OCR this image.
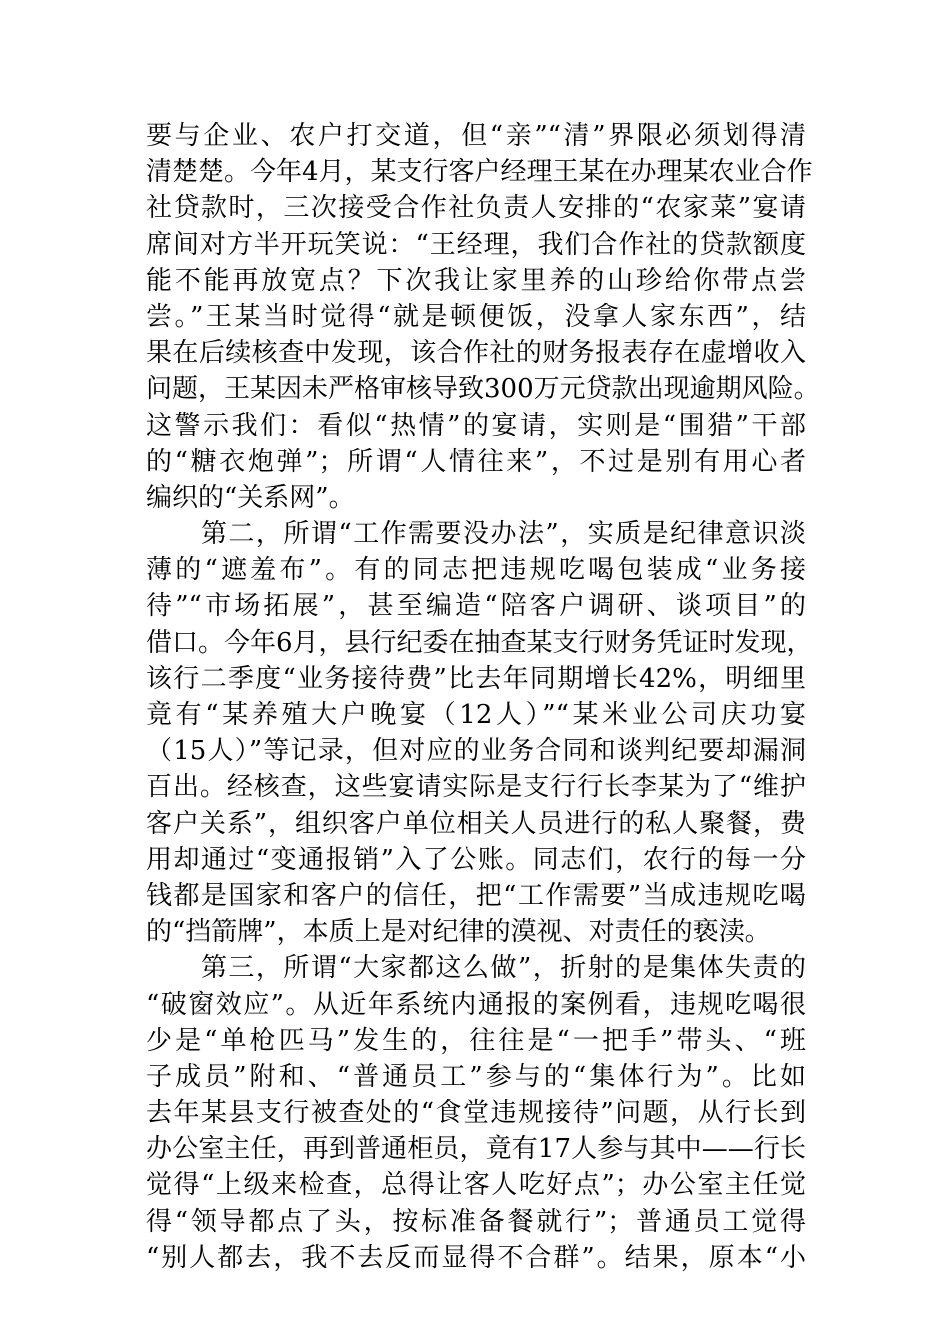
要与企业、农户打交道，但“亲”“清”界限必须划得清
清楚楚。今年4月，某支行客户经理王某在办理某农业合作
社贷款时，三次接受合作社负责人安排的“农家菜”宴请
席间对方半开玩笑说：“王经理，我们合作社的贷款额度
能不能再放宽点？下次我让家里养的山珍给你带点尝
尝。”王某当时觉得“就是顿便饭，没拿人家东西”，结
果在后续核查中发现，该合作社的财务报表存在虚增收入
问题，王某因未严格审核导致300万元贷款出现逾期风险。
这警示我们：看似“热情”的宴请，实则是“围猎”干部
的“糖衣炮弹”；所谓“人情往来”，不过是别有用心者
编织的“关系网”。
　　第二，所谓“工作需要没办法”，实质是纪律意识淡
薄的“遮羞布”。有的同志把违规吃喝包装成“业务接
待”“市场拓展”，甚至编造“陪客户调研、谈项目”的
借口。今年6月，县行纪委在抽查某支行财务凭证时发现，
该行二季度“业务接待费”比去年同期增长42%，明细里
竟有“某养殖大户晚宴（12人）”“某米业公司庆功宴
（15人）”等记录，但对应的业务合同和谈判纪要却漏洞
百出。经核查，这些宴请实际是支行行长李某为了“维护
客户关系”，组织客户单位相关人员进行的私人聚餐，费
用却通过“变通报销”入了公账。同志们，农行的每一分
钱都是国家和客户的信任，把“工作需要”当成违规吃喝
的“挡箭牌”，本质上是对纪律的漠视、对责任的亵渎。
　　第三，所谓“大家都这么做”，折射的是集体失责的
“破窗效应”。从近年系统内通报的案例看，违规吃喝很
少是“单枪匹马”发生的，往往是“一把手”带头、“班
子成员”附和、“普通员工”参与的“集体行为”。比如
去年某县支行被查处的“食堂违规接待”问题，从行长到
办公室主任，再到普通柜员，竟有17人参与其中——行长
觉得“上级来检查，总得让客人吃好点”；办公室主任觉
得“领导都点了头，按标准备餐就行”；普通员工觉得
“别人都去，我不去反而显得不合群”。结果，原本“小
